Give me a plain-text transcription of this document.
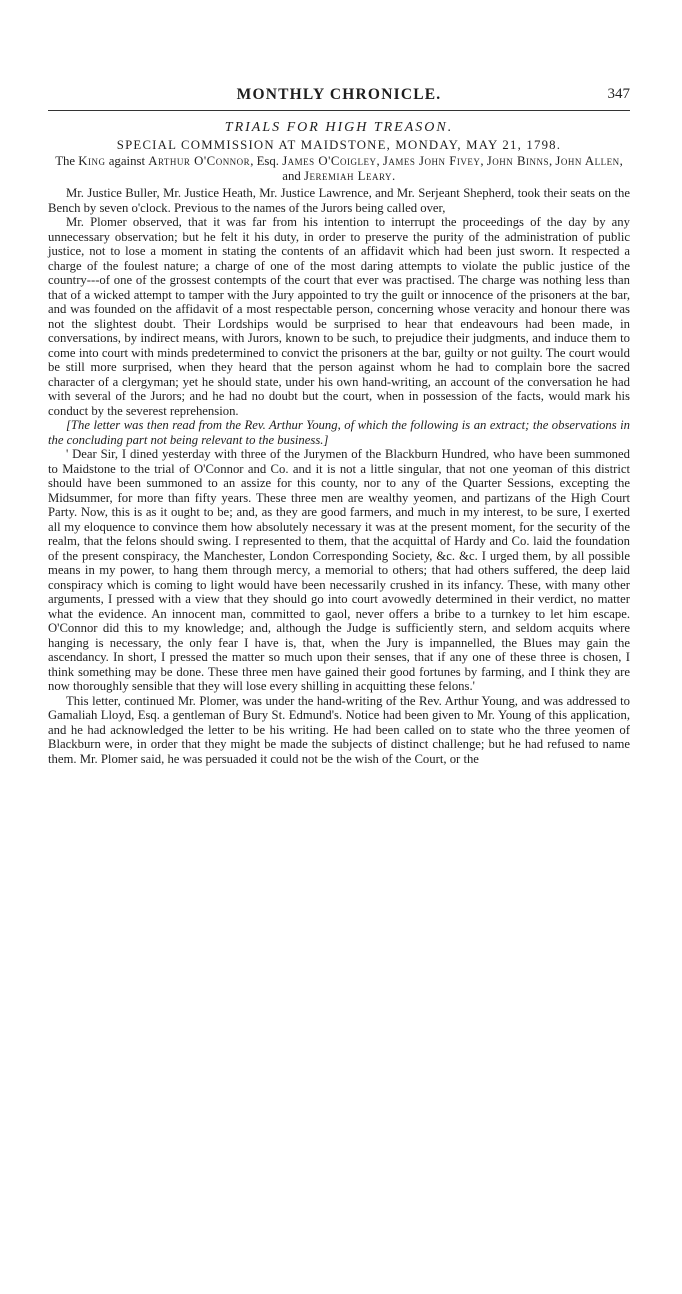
MONTHLY CHRONICLE.	347
TRIALS FOR HIGH TREASON.
SPECIAL COMMISSION AT MAIDSTONE, MONDAY, MAY 21, 1798.
The King against Arthur O'Connor, Esq. James O'Coigley, James John Fivey, John Binns, John Allen, and Jeremiah Leary.

Mr. Justice Buller, Mr. Justice Heath, Mr. Justice Lawrence, and Mr. Serjeant Shepherd, took their seats on the Bench by seven o'clock. Previous to the names of the Jurors being called over,

Mr. Plomer observed, that it was far from his intention to interrupt the proceedings of the day by any unnecessary observation; but he felt it his duty, in order to preserve the purity of the administration of public justice, not to lose a moment in stating the contents of an affidavit which had been just sworn. It respected a charge of the foulest nature; a charge of one of the most daring attempts to violate the public justice of the country---of one of the grossest contempts of the court that ever was practised. The charge was nothing less than that of a wicked attempt to tamper with the Jury appointed to try the guilt or innocence of the prisoners at the bar, and was founded on the affidavit of a most respectable person, concerning whose veracity and honour there was not the slightest doubt. Their Lordships would be surprised to hear that endeavours had been made, in conversations, by indirect means, with Jurors, known to be such, to prejudice their judgments, and induce them to come into court with minds predetermined to convict the prisoners at the bar, guilty or not guilty. The court would be still more surprised, when they heard that the person against whom he had to complain bore the sacred character of a clergyman; yet he should state, under his own hand-writing, an account of the conversation he had with several of the Jurors; and he had no doubt but the court, when in possession of the facts, would mark his conduct by the severest reprehension.

[The letter was then read from the Rev. Arthur Young, of which the following is an extract; the observations in the concluding part not being relevant to the business.]

' Dear Sir, I dined yesterday with three of the Jurymen of the Blackburn Hundred, who have been summoned to Maidstone to the trial of O'Connor and Co. and it is not a little singular, that not one yeoman of this district should have been summoned to an assize for this county, nor to any of the Quarter Sessions, excepting the Midsummer, for more than fifty years. These three men are wealthy yeomen, and partizans of the High Court Party. Now, this is as it ought to be; and, as they are good farmers, and much in my interest, to be sure, I exerted all my eloquence to convince them how absolutely necessary it was at the present moment, for the security of the realm, that the felons should swing. I represented to them, that the acquittal of Hardy and Co. laid the foundation of the present conspiracy, the Manchester, London Corresponding Society, &c. &c. I urged them, by all possible means in my power, to hang them through mercy, a memorial to others; that had others suffered, the deep laid conspiracy which is coming to light would have been necessarily crushed in its infancy. These, with many other arguments, I pressed with a view that they should go into court avowedly determined in their verdict, no matter what the evidence. An innocent man, committed to gaol, never offers a bribe to a turnkey to let him escape. O'Connor did this to my knowledge; and, although the Judge is sufficiently stern, and seldom acquits where hanging is necessary, the only fear I have is, that, when the Jury is impannelled, the Blues may gain the ascendancy. In short, I pressed the matter so much upon their senses, that if any one of these three is chosen, I think something may be done. These three men have gained their good fortunes by farming, and I think they are now thoroughly sensible that they will lose every shilling in acquitting these felons.'

This letter, continued Mr. Plomer, was under the hand-writing of the Rev. Arthur Young, and was addressed to Gamaliah Lloyd, Esq. a gentleman of Bury St. Edmund's. Notice had been given to Mr. Young of this application, and he had acknowledged the letter to be his writing. He had been called on to state who the three yeomen of Blackburn were, in order that they might be made the subjects of distinct challenge; but he had refused to name them. Mr. Plomer said, he was persuaded it could not be the wish of the Court, or the
